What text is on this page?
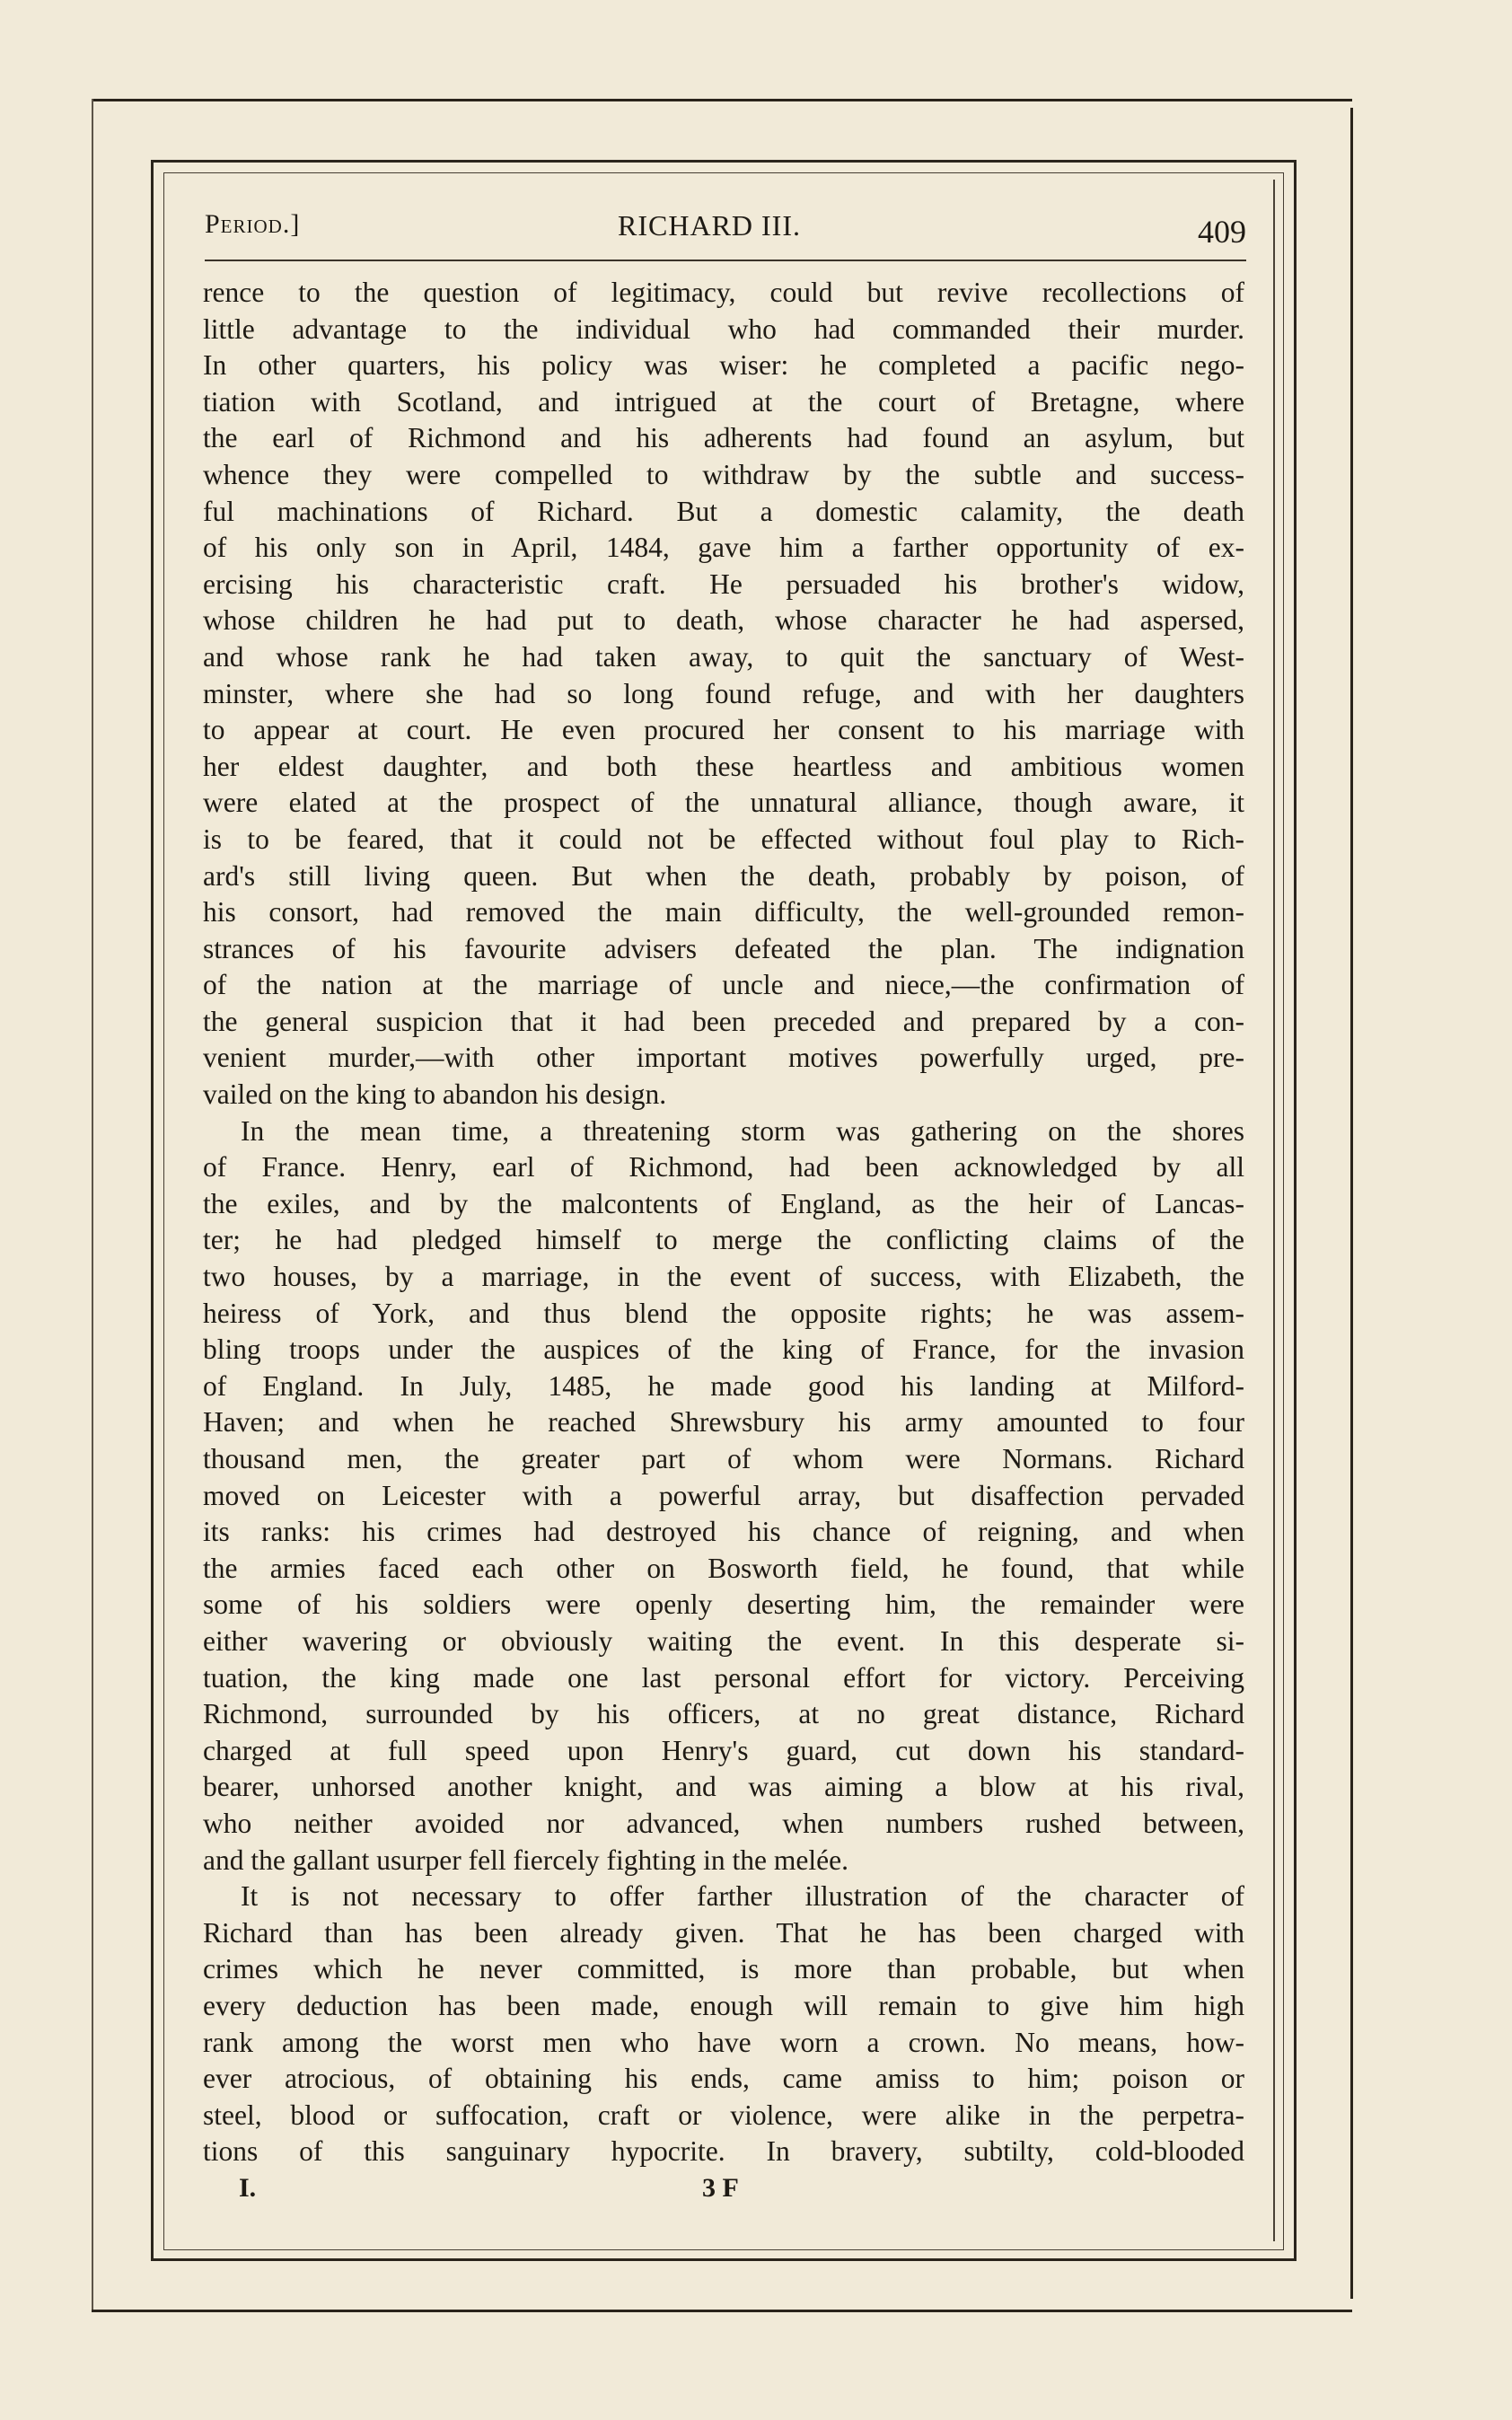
Period.]	RICHARD III.	409
rence to the question of legitimacy, could but revive recollections of
little advantage to the individual who had commanded their murder.
In other quarters, his policy was wiser: he completed a pacific nego-
tiation with Scotland, and intrigued at the court of Bretagne, where
the earl of Richmond and his adherents had found an asylum, but
whence they were compelled to withdraw by the subtle and success-
ful machinations of Richard. But a domestic calamity, the death
of his only son in April, 1484, gave him a farther opportunity of ex-
ercising his characteristic craft. He persuaded his brother's widow,
whose children he had put to death, whose character he had aspersed,
and whose rank he had taken away, to quit the sanctuary of West-
minster, where she had so long found refuge, and with her daughters
to appear at court. He even procured her consent to his marriage with
her eldest daughter, and both these heartless and ambitious women
were elated at the prospect of the unnatural alliance, though aware, it
is to be feared, that it could not be effected without foul play to Rich-
ard's still living queen. But when the death, probably by poison, of
his consort, had removed the main difficulty, the well-grounded remon-
strances of his favourite advisers defeated the plan. The indignation
of the nation at the marriage of uncle and niece,—the confirmation of
the general suspicion that it had been preceded and prepared by a con-
venient murder,—with other important motives powerfully urged, pre-
vailed on the king to abandon his design.
In the mean time, a threatening storm was gathering on the shores
of France. Henry, earl of Richmond, had been acknowledged by all
the exiles, and by the malcontents of England, as the heir of Lancas-
ter; he had pledged himself to merge the conflicting claims of the
two houses, by a marriage, in the event of success, with Elizabeth, the
heiress of York, and thus blend the opposite rights; he was assem-
bling troops under the auspices of the king of France, for the invasion
of England. In July, 1485, he made good his landing at Milford-
Haven; and when he reached Shrewsbury his army amounted to four
thousand men, the greater part of whom were Normans. Richard
moved on Leicester with a powerful array, but disaffection pervaded
its ranks: his crimes had destroyed his chance of reigning, and when
the armies faced each other on Bosworth field, he found, that while
some of his soldiers were openly deserting him, the remainder were
either wavering or obviously waiting the event. In this desperate si-
tuation, the king made one last personal effort for victory. Perceiving
Richmond, surrounded by his officers, at no great distance, Richard
charged at full speed upon Henry's guard, cut down his standard-
bearer, unhorsed another knight, and was aiming a blow at his rival,
who neither avoided nor advanced, when numbers rushed between,
and the gallant usurper fell fiercely fighting in the melée.
It is not necessary to offer farther illustration of the character of
Richard than has been already given. That he has been charged with
crimes which he never committed, is more than probable, but when
every deduction has been made, enough will remain to give him high
rank among the worst men who have worn a crown. No means, how-
ever atrocious, of obtaining his ends, came amiss to him; poison or
steel, blood or suffocation, craft or violence, were alike in the perpetra-
tions of this sanguinary hypocrite. In bravery, subtilty, cold-blooded
I.	3 F
